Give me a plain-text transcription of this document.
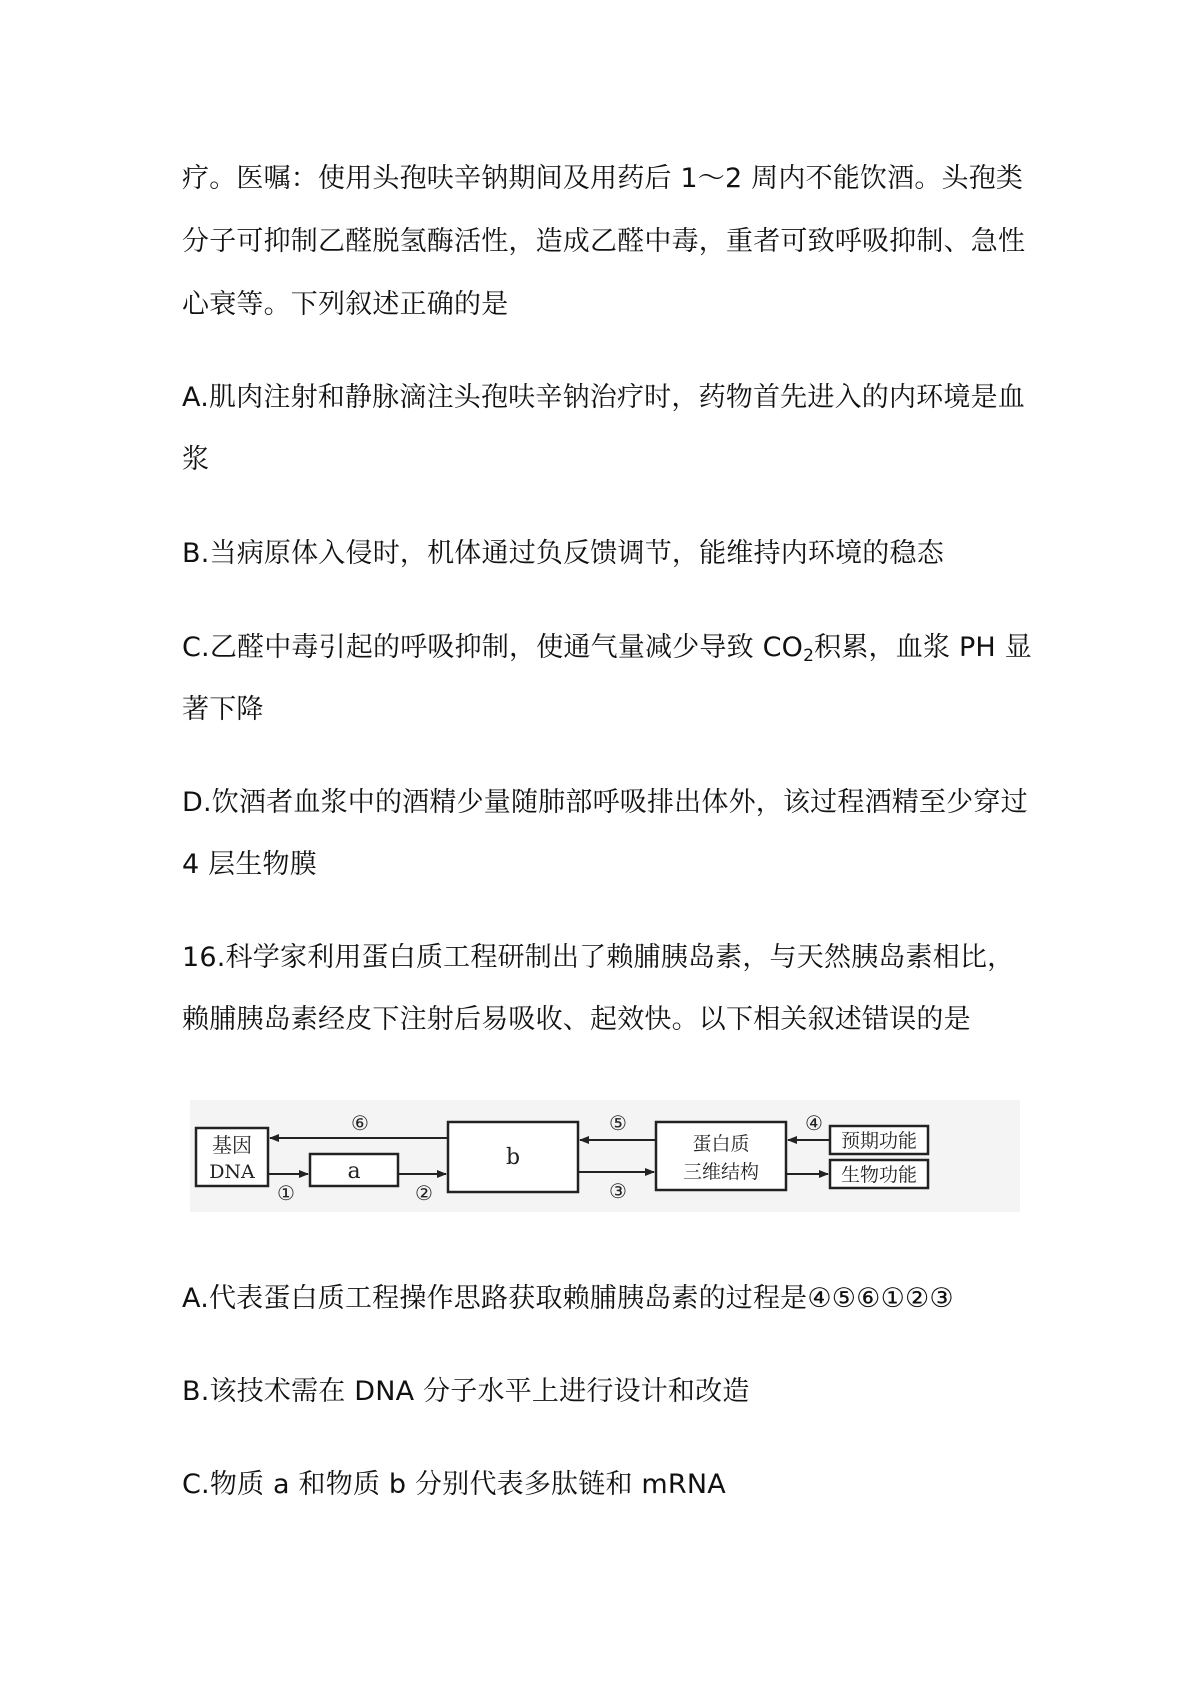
疗。医嘱：使用头孢呋辛钠期间及用药后 1～2 周内不能饮酒。头孢类
分子可抑制乙醛脱氢酶活性，造成乙醛中毒，重者可致呼吸抑制、急性
心衰等。下列叙述正确的是
A.肌肉注射和静脉滴注头孢呋辛钠治疗时，药物首先进入的内环境是血
浆
B.当病原体入侵时，机体通过负反馈调节，能维持内环境的稳态
C.乙醛中毒引起的呼吸抑制，使通气量减少导致 $CO_2$积累，血浆 PH 显
著下降
D.饮酒者血浆中的酒精少量随肺部呼吸排出体外，该过程酒精至少穿过
4 层生物膜
16.科学家利用蛋白质工程研制出了赖脯胰岛素，与天然胰岛素相比，
赖脯胰岛素经皮下注射后易吸收、起效快。以下相关叙述错误的是
基因
DNA	a
b
蛋白质
三维结构
预期功能
生物功能
⑥
①	②
⑤
③
④
A.代表蛋白质工程操作思路获取赖脯胰岛素的过程是④⑤⑥①②③
B.该技术需在 DNA 分子水平上进行设计和改造
C.物质 a 和物质 b 分别代表多肽链和 mRNA
